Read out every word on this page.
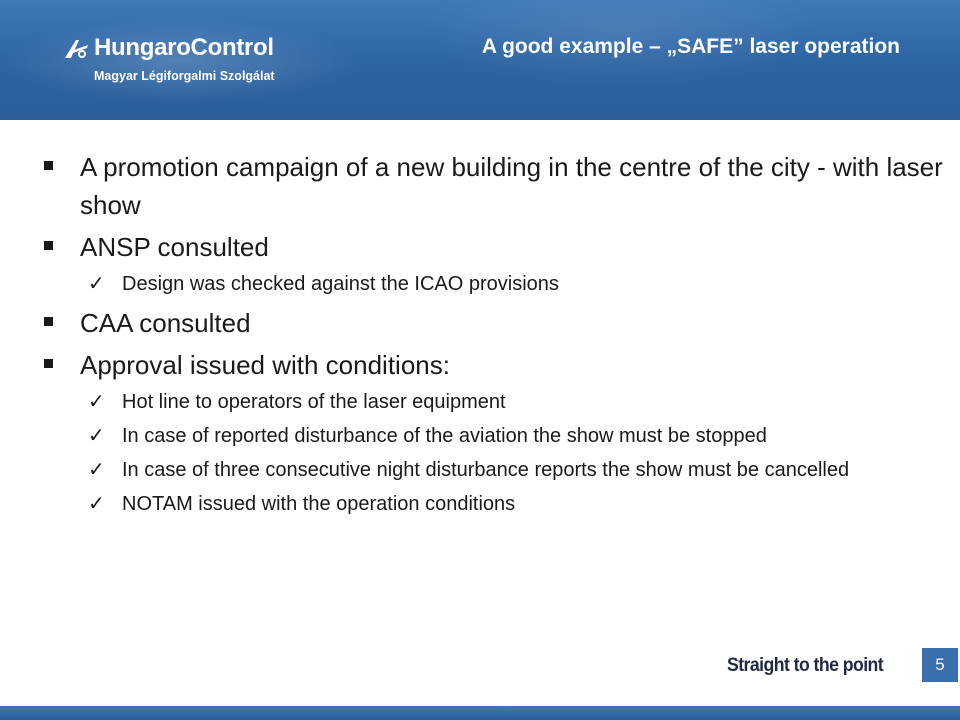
HungaroControl
Magyar Légiforgalmi Szolgálat
A good example – „SAFE” laser operation
A promotion campaign of a new building in the centre of the city - with laser show
ANSP consulted
✓ Design was checked against the ICAO provisions
CAA consulted
Approval issued with conditions:
✓ Hot line to operators of the laser equipment
✓ In case of reported disturbance of the aviation the show must be stopped
✓ In case of three consecutive night disturbance reports the show must be cancelled
✓ NOTAM issued with the operation conditions
Straight to the point	5
